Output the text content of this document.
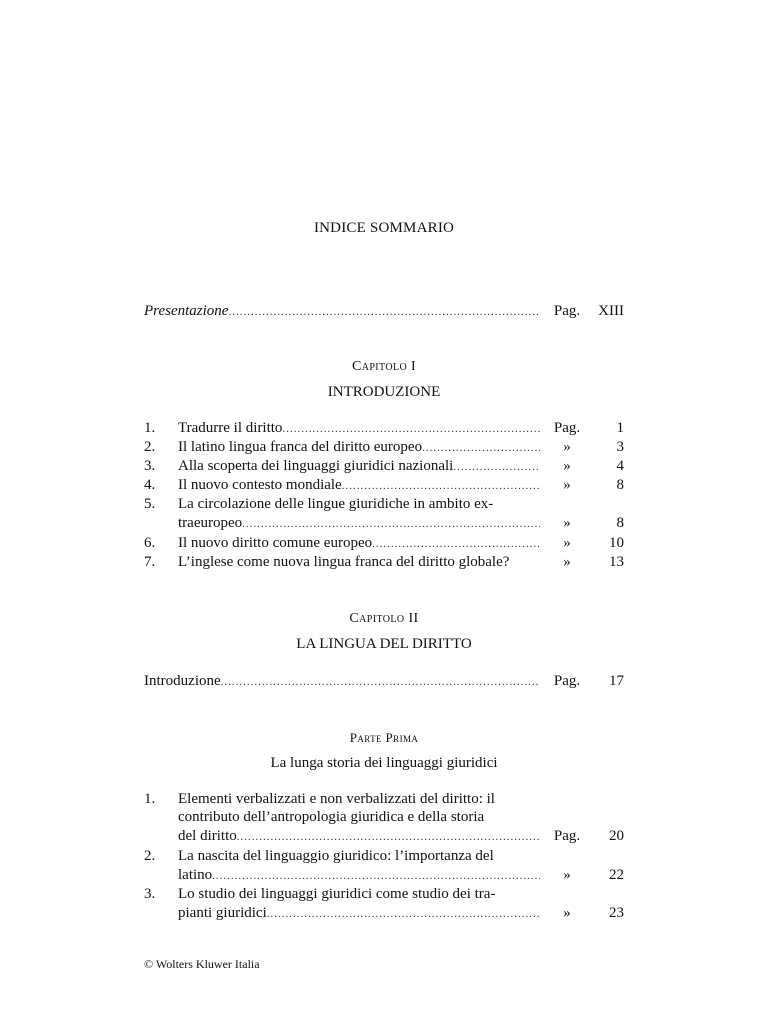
INDICE SOMMARIO
Presentazione .....	Pag.	XIII
Capitolo I
INTRODUZIONE
1.	Tradurre il diritto .....	Pag.	1
2.	Il latino lingua franca del diritto europeo .....	»	3
3.	Alla scoperta dei linguaggi giuridici nazionali .....	»	4
4.	Il nuovo contesto mondiale .....	»	8
5.	La circolazione delle lingue giuridiche in ambito ex-
traeuropeo .....	»	8
6.	Il nuovo diritto comune europeo .....	»	10
7.	L’inglese come nuova lingua franca del diritto globale?	»	13
Capitolo II
LA LINGUA DEL DIRITTO
Introduzione .....	Pag.	17
Parte Prima
La lunga storia dei linguaggi giuridici
1.	Elementi verbalizzati e non verbalizzati del diritto: il
contributo dell’antropologia giuridica e della storia
del diritto .....	Pag.	20
2.	La nascita del linguaggio giuridico: l’importanza del
latino .....	»	22
3.	Lo studio dei linguaggi giuridici come studio dei tra-
pianti giuridici .....	»	23
© Wolters Kluwer Italia
